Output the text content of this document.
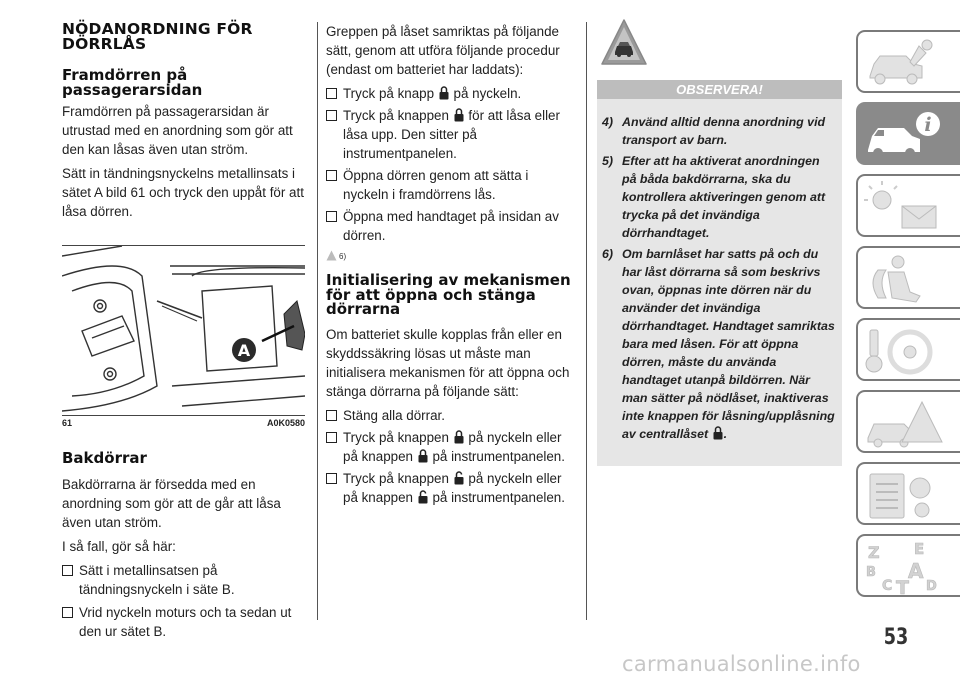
NÖDANORDNING FÖR DÖRRLÅS
Framdörren på passagerarsidan

Framdörren på passagerarsidan är utrustad med en anordning som gör att den kan låsas även utan ström.

Sätt in tändningsnyckelns metallinsats i sätet A bild 61 och tryck den uppåt för att låsa dörren.

A
61	A0K0580
Bakdörrar

Bakdörrarna är försedda med en anordning som gör att de går att låsa även utan ström.

I så fall, gör så här:

Sätt i metallinsatsen på tändningsnyckeln i säte B.
Vrid nyckeln moturs och ta sedan ut den ur sätet B.

Greppen på låset samriktas på följande sätt, genom att utföra följande procedur (endast om batteriet har laddats):

Tryck på knapp på nyckeln.
Tryck på knappen för att låsa eller låsa upp. Den sitter på instrumentpanelen.
Öppna dörren genom att sätta i nyckeln i framdörrens lås.
Öppna med handtaget på insidan av dörren.
6)
Initialisering av mekanismen för att öppna och stänga dörrarna

Om batteriet skulle kopplas från eller en skyddssäkring lösas ut måste man initialisera mekanismen för att öppna och stänga dörrarna på följande sätt:

Stäng alla dörrar.
Tryck på knappen på nyckeln eller på knappen på instrumentpanelen.
Tryck på knappen på nyckeln eller på knappen på instrumentpanelen.
OBSERVERA!
4) Använd alltid denna anordning vid transport av barn.
5) Efter att ha aktiverat anordningen på båda bakdörrarna, ska du kontrollera aktiveringen genom att trycka på det invändiga dörrhandtaget.
6) Om barnlåset har satts på och du har låst dörrarna så som beskrivs ovan, öppnas inte dörren när du använder det invändiga dörrhandtaget. Handtaget samriktas bara med låsen. För att öppna dörren, måste du använda handtaget utanpå bildörren. När man sätter på nödlåset, inaktiveras inte knappen för låsning/upplåsning av centrallåset .
i
Z E
B A
C T D
53
carmanualsonline.info
